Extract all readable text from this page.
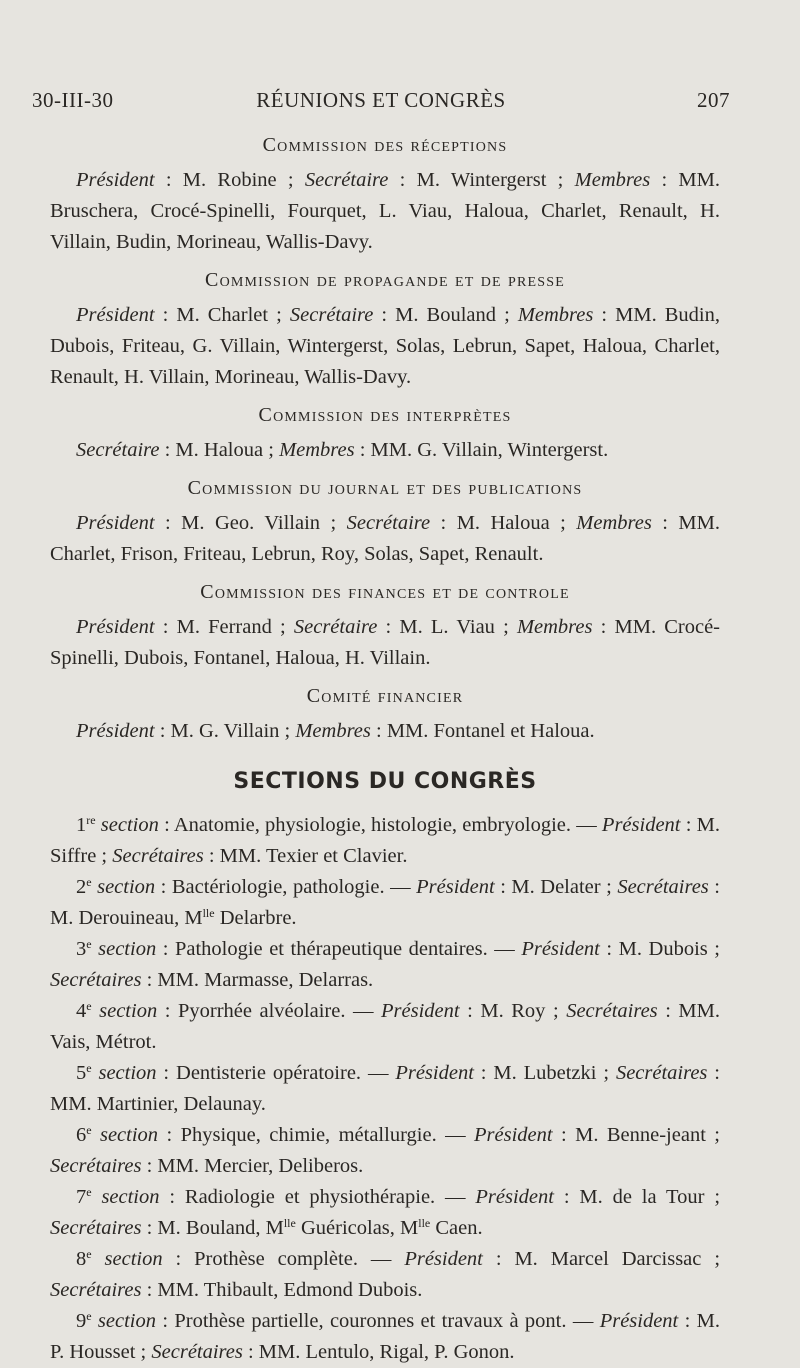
30-III-30	RÉUNIONS ET CONGRÈS	207
Commission des réceptions

Président : M. Robine ; Secrétaire : M. Wintergerst ; Membres : MM. Bruschera, Crocé-Spinelli, Fourquet, L. Viau, Haloua, Charlet, Renault, H. Villain, Budin, Morineau, Wallis-Davy.

Commission de propagande et de presse

Président : M. Charlet ; Secrétaire : M. Bouland ; Membres : MM. Budin, Dubois, Friteau, G. Villain, Wintergerst, Solas, Lebrun, Sapet, Haloua, Charlet, Renault, H. Villain, Morineau, Wallis-Davy.

Commission des interprètes

Secrétaire : M. Haloua ; Membres : MM. G. Villain, Wintergerst.

Commission du journal et des publications

Président : M. Geo. Villain ; Secrétaire : M. Haloua ; Membres : MM. Charlet, Frison, Friteau, Lebrun, Roy, Solas, Sapet, Renault.

Commission des finances et de controle

Président : M. Ferrand ; Secrétaire : M. L. Viau ; Membres : MM. Crocé-Spinelli, Dubois, Fontanel, Haloua, H. Villain.

Comité financier

Président : M. G. Villain ; Membres : MM. Fontanel et Haloua.

SECTIONS DU CONGRÈS

1re section : Anatomie, physiologie, histologie, embryologie. — Président : M. Siffre ; Secrétaires : MM. Texier et Clavier.

2e section : Bactériologie, pathologie. — Président : M. Delater ; Secrétaires : M. Derouineau, $M^{lle}$ Delarbre.

3e section : Pathologie et thérapeutique dentaires. — Président : M. Dubois ; Secrétaires : MM. Marmasse, Delarras.

4e section : Pyorrhée alvéolaire. — Président : M. Roy ; Secrétaires : MM. Vais, Métrot.

5e section : Dentisterie opératoire. — Président : M. Lubetzki ; Secrétaires : MM. Martinier, Delaunay.

6e section : Physique, chimie, métallurgie. — Président : M. Benne-jeant ; Secrétaires : MM. Mercier, Deliberos.

7e section : Radiologie et physiothérapie. — Président : M. de la Tour ; Secrétaires : M. Bouland, $M^{lle}$ Guéricolas, $M^{lle}$ Caen.

8e section : Prothèse complète. — Président : M. Marcel Darcissac ; Secrétaires : MM. Thibault, Edmond Dubois.

9e section : Prothèse partielle, couronnes et travaux à pont. — Président : M. P. Housset ; Secrétaires : MM. Lentulo, Rigal, P. Gonon.
